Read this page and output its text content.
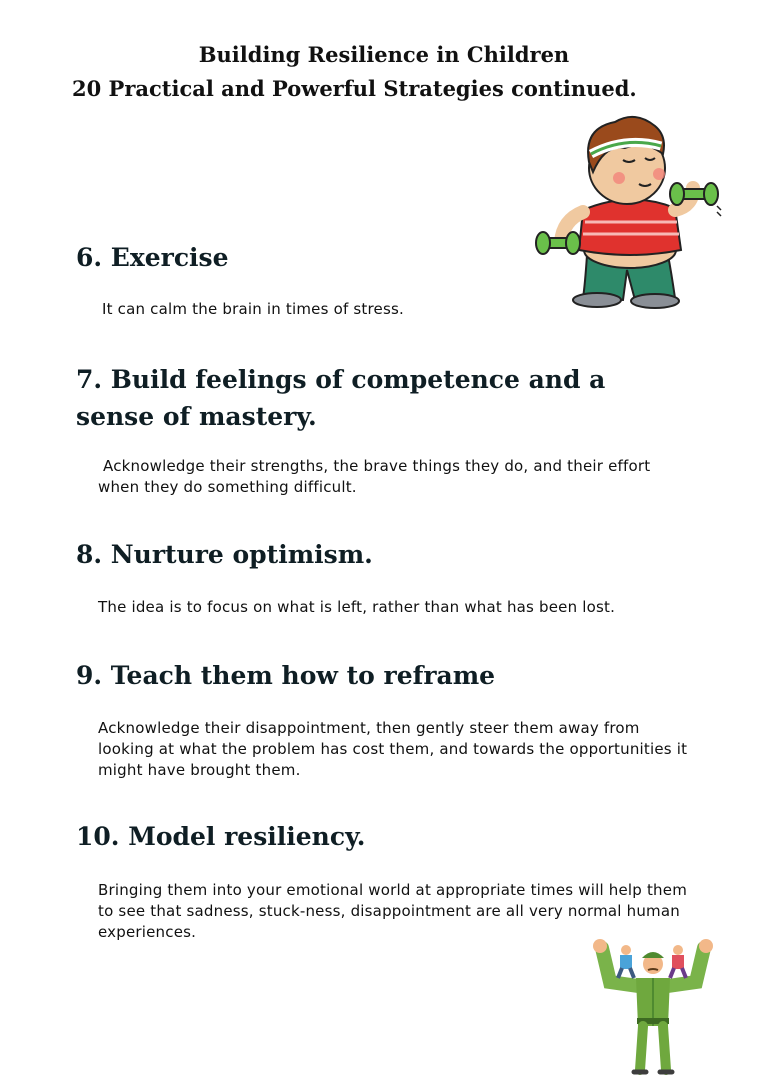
Building Resilience in Children
20 Practical and Powerful Strategies continued.
6. Exercise
It can calm the brain in times of stress.
7. Build feelings of competence and a sense of mastery.
Acknowledge their strengths, the brave things they do, and their effort when they do something difficult.
8. Nurture optimism.
The idea is to focus on what is left, rather than what has been lost.
9. Teach them how to reframe
Acknowledge their disappointment, then gently steer them away from looking at what the problem has cost them, and towards the opportunities it might have brought them.
10. Model resiliency.
Bringing them into your emotional world at appropriate times will help them to see that sadness, stuck-ness, disappointment are all very normal human experiences.
